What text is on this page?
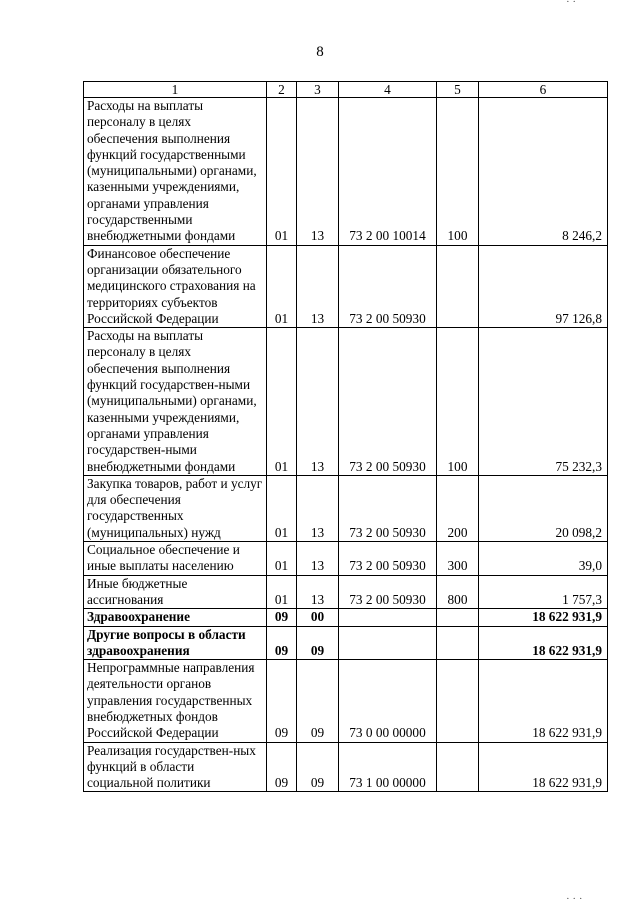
8
1	2	3	4	5	6
Расходы на выплаты персоналу в целях обеспечения выполнения функций государственными (муниципальными) органами, казенными учреждениями, органами управления государственными внебюджетными фондами	01	13	73 2 00 10014	100	8 246,2
Финансовое обеспечение организации обязательного медицинского страхования на территориях субъектов Российской Федерации	01	13	73 2 00 50930		97 126,8
Расходы на выплаты персоналу в целях обеспечения выполнения функций государствен-ными (муниципальными) органами, казенными учреждениями, органами управления государствен-ными внебюджетными фондами	01	13	73 2 00 50930	100	75 232,3
Закупка товаров, работ и услуг для обеспечения государственных (муниципальных) нужд	01	13	73 2 00 50930	200	20 098,2
Социальное обеспечение и иные выплаты населению	01	13	73 2 00 50930	300	39,0
Иные бюджетные ассигнования	01	13	73 2 00 50930	800	1 757,3
Здравоохранение	09	00			18 622 931,9
Другие вопросы в области здравоохранения	09	09			18 622 931,9
Непрограммные направления деятельности органов управления государственных внебюджетных фондов Российской Федерации	09	09	73 0 00 00000		18 622 931,9
Реализация государствен-ных функций в области социальной политики	09	09	73 1 00 00000		18 622 931,9
· ·
· · ·
